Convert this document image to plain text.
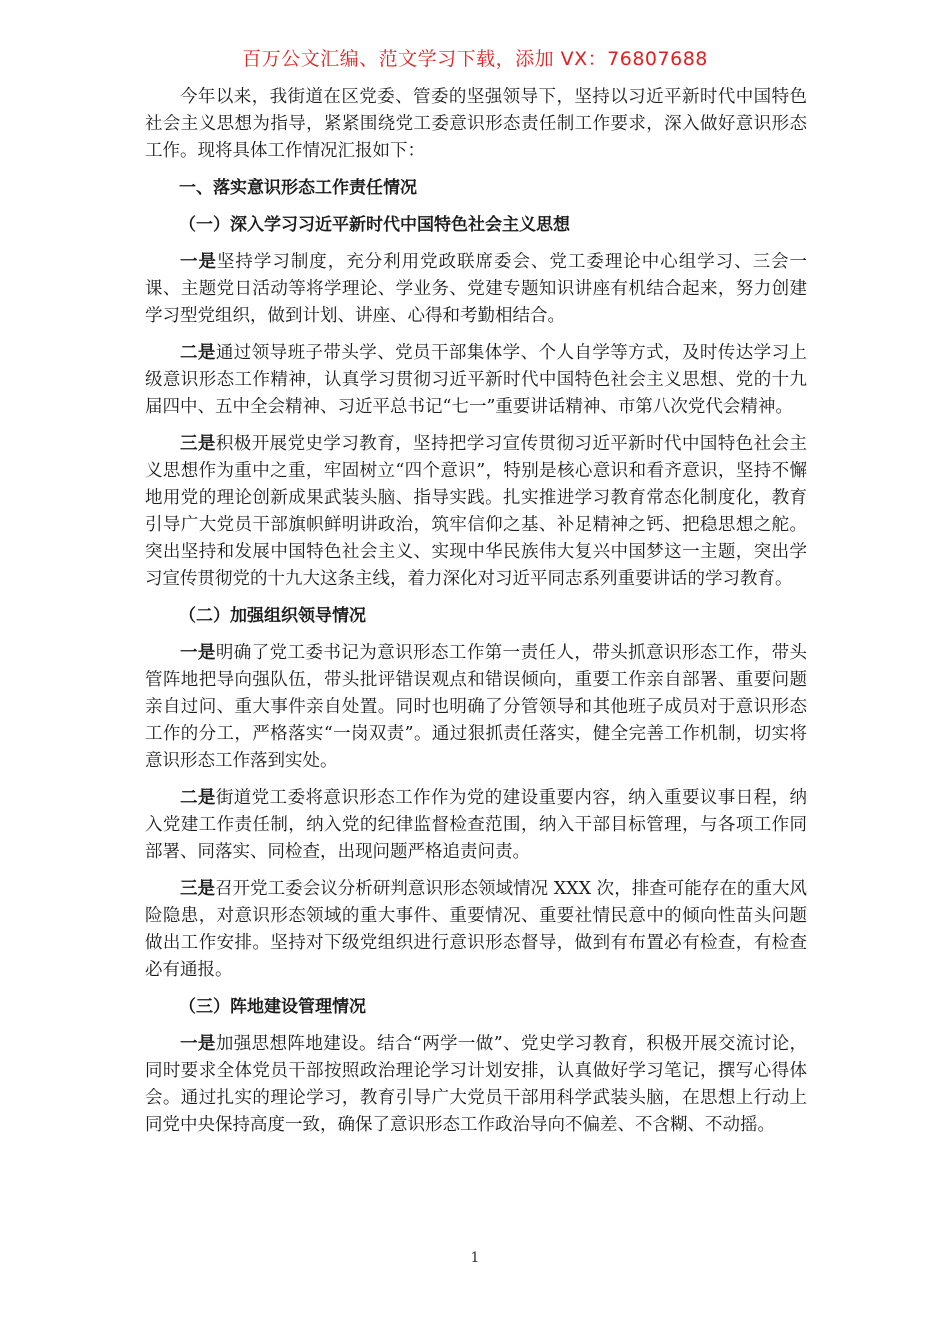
百万公文汇编、范文学习下载，添加 VX：76807688

今年以来，我街道在区党委、管委的坚强领导下，坚持以习近平新时代中国特色社会主义思想为指导，紧紧围绕党工委意识形态责任制工作要求，深入做好意识形态工作。现将具体工作情况汇报如下：

一、落实意识形态工作责任情况

（一）深入学习习近平新时代中国特色社会主义思想

一是坚持学习制度，充分利用党政联席委会、党工委理论中心组学习、三会一课、主题党日活动等将学理论、学业务、党建专题知识讲座有机结合起来，努力创建学习型党组织，做到计划、讲座、心得和考勤相结合。

二是通过领导班子带头学、党员干部集体学、个人自学等方式，及时传达学习上级意识形态工作精神，认真学习贯彻习近平新时代中国特色社会主义思想、党的十九届四中、五中全会精神、习近平总书记“七一”重要讲话精神、市第八次党代会精神。

三是积极开展党史学习教育，坚持把学习宣传贯彻习近平新时代中国特色社会主义思想作为重中之重，牢固树立“四个意识”，特别是核心意识和看齐意识，坚持不懈地用党的理论创新成果武装头脑、指导实践。扎实推进学习教育常态化制度化，教育引导广大党员干部旗帜鲜明讲政治，筑牢信仰之基、补足精神之钙、把稳思想之舵。突出坚持和发展中国特色社会主义、实现中华民族伟大复兴中国梦这一主题，突出学习宣传贯彻党的十九大这条主线，着力深化对习近平同志系列重要讲话的学习教育。

（二）加强组织领导情况

一是明确了党工委书记为意识形态工作第一责任人，带头抓意识形态工作，带头管阵地把导向强队伍，带头批评错误观点和错误倾向，重要工作亲自部署、重要问题亲自过问、重大事件亲自处置。同时也明确了分管领导和其他班子成员对于意识形态工作的分工，严格落实“一岗双责”。通过狠抓责任落实，健全完善工作机制，切实将意识形态工作落到实处。

二是街道党工委将意识形态工作作为党的建设重要内容，纳入重要议事日程，纳入党建工作责任制，纳入党的纪律监督检查范围，纳入干部目标管理，与各项工作同部署、同落实、同检查，出现问题严格追责问责。

三是召开党工委会议分析研判意识形态领域情况 XXX 次，排查可能存在的重大风险隐患，对意识形态领域的重大事件、重要情况、重要社情民意中的倾向性苗头问题做出工作安排。坚持对下级党组织进行意识形态督导，做到有布置必有检查，有检查必有通报。

（三）阵地建设管理情况

一是加强思想阵地建设。结合“两学一做”、党史学习教育，积极开展交流讨论，同时要求全体党员干部按照政治理论学习计划安排，认真做好学习笔记，撰写心得体会。通过扎实的理论学习，教育引导广大党员干部用科学武装头脑，在思想上行动上同党中央保持高度一致，确保了意识形态工作政治导向不偏差、不含糊、不动摇。

1
